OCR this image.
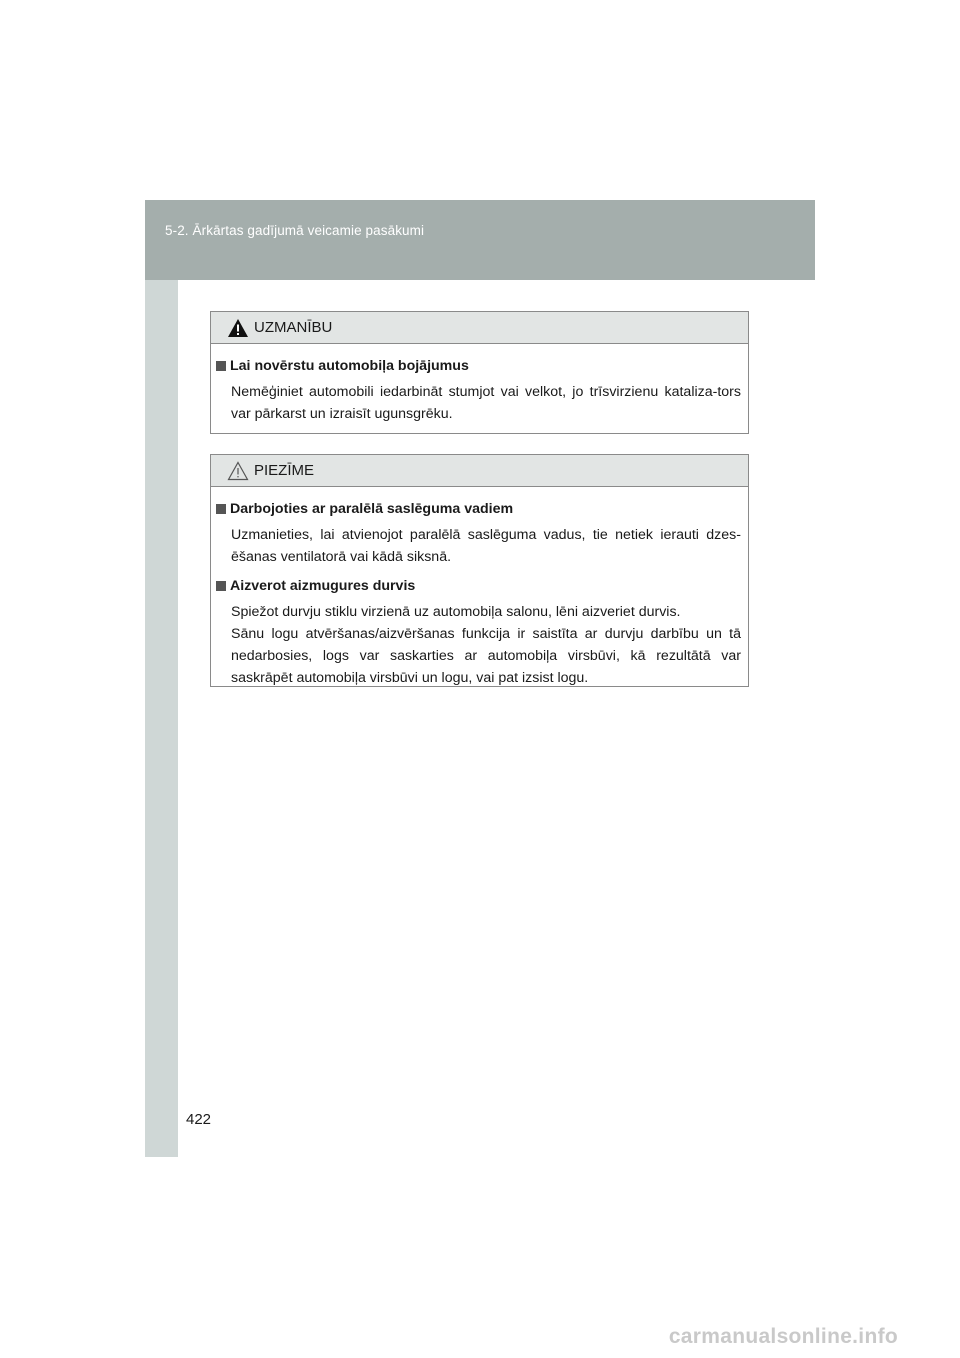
5-2. Ārkārtas gadījumā veicamie pasākumi
UZMANĪBU
Lai novērstu automobiļa bojājumus
Nemēģiniet automobili iedarbināt stumjot vai velkot, jo trīsvirzienu kataliza-tors var pārkarst un izraisīt ugunsgrēku.
PIEZĪME
Darbojoties ar paralēlā saslēguma vadiem
Uzmanieties, lai atvienojot paralēlā saslēguma vadus, tie netiek ierauti dzes-ēšanas ventilatorā vai kādā siksnā.
Aizverot aizmugures durvis
Spiežot durvju stiklu virzienā uz automobiļa salonu, lēni aizveriet durvis.
Sānu logu atvēršanas/aizvēršanas funkcija ir saistīta ar durvju darbību un tā nedarbosies, logs var saskarties ar automobiļa virsbūvi, kā rezultātā var saskrāpēt automobiļa virsbūvi un logu, vai pat izsist logu.
422
carmanualsonline.info
